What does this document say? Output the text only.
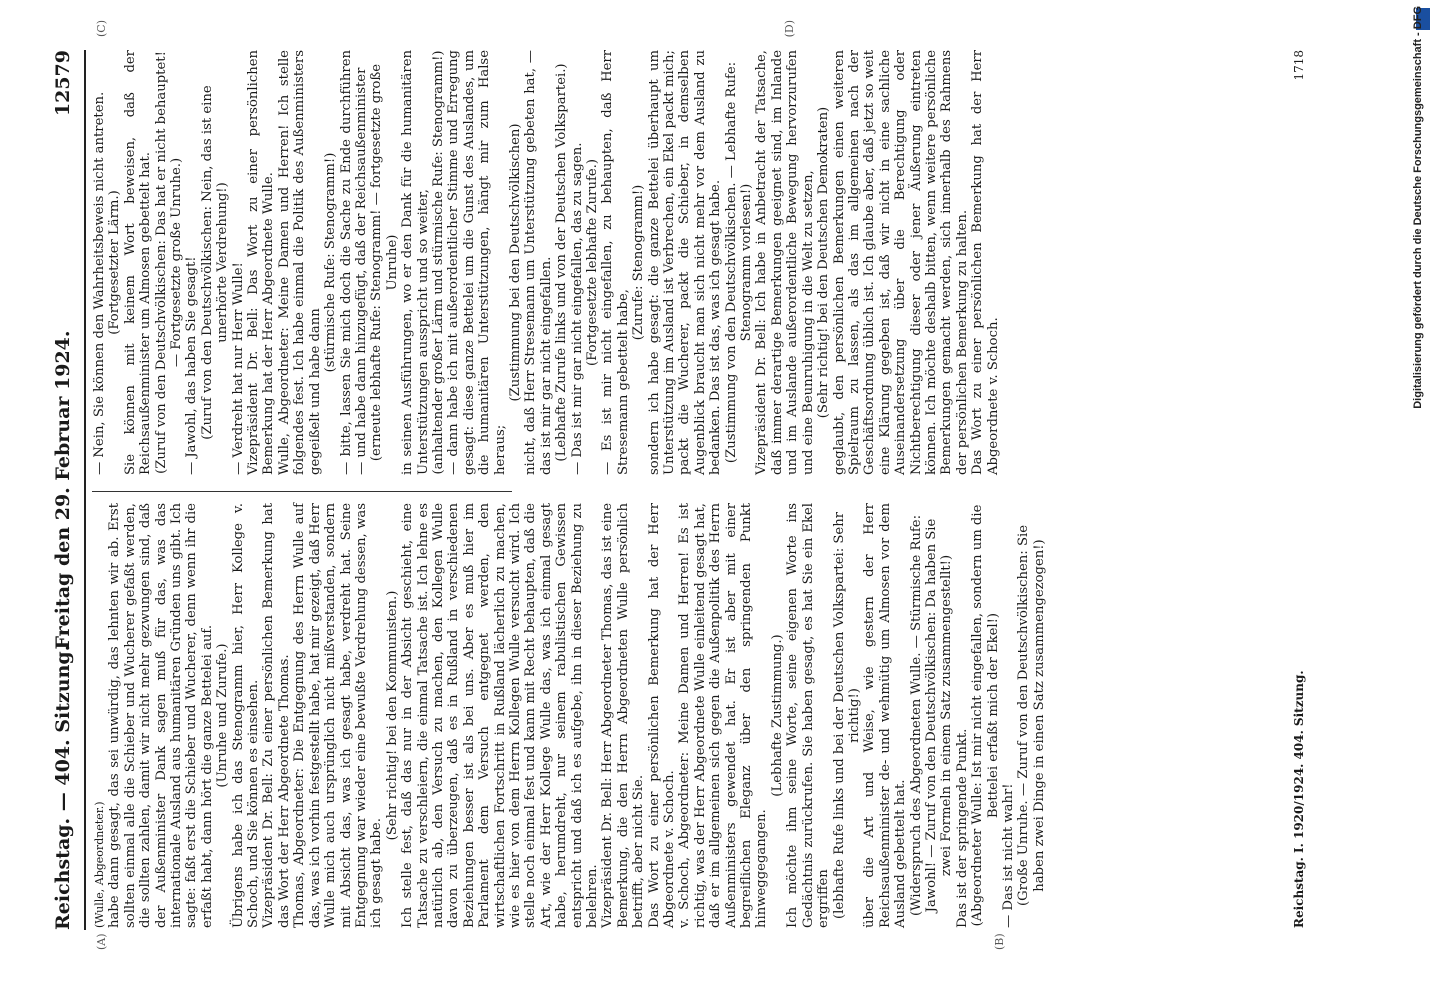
Reichstag. — 404. Sitzung.
Freitag den 29. Februar 1924.
12579
(A)	(B)

(Wulle, Abgeordneter.) habe dann gesagt, das sei unwürdig, das lehnten wir ab. Erst sollten einmal alle die Schieber und Wucherer gefaßt werden, die sollten zahlen, damit wir nicht mehr gezwungen sind, daß der Außenminister Dank sagen muß für das, was das internationale Ausland aus humanitären Gründen uns gibt. Ich sagte: faßt erst die Schieber und Wucherer, denn wenn ihr die erfaßt habt, dann hört die ganze Bettelei auf. (Unruhe und Zurufe.) Übrigens habe ich das Stenogramm hier, Herr Kollege v. Schoch, und Sie können es einsehen. Vizepräsident Dr. Bell: Zu einer persönlichen Bemerkung hat das Wort der Herr Abgeordnete Thomas. Thomas, Abgeordneter: Die Entgegnung des Herrn Wulle auf das, was ich vorhin festgestellt habe, hat mir gezeigt, daß Herr Wulle mich auch ursprünglich nicht mißverstanden, sondern mit Absicht das, was ich gesagt habe, verdreht hat. Seine Entgegnung war wieder eine bewußte Verdrehung dessen, was ich gesagt habe.

(Sehr richtig! bei den Kommunisten.) Ich stelle fest, daß das nur in der Absicht geschieht, eine Tatsache zu verschleiern, die einmal Tatsache ist. Ich lehne es natürlich ab, den Versuch zu machen, den Kollegen Wulle davon zu überzeugen, daß es in Rußland in verschiedenen Beziehungen besser ist als bei uns. Aber es muß hier im Parlament dem Versuch entgegnet werden, den wirtschaftlichen Fortschritt in Rußland lächerlich zu machen, wie es hier von dem Herrn Kollegen Wulle versucht wird. Ich stelle noch einmal fest und kann mit Recht behaupten, daß die Art, wie der Herr Kollege Wulle das, was ich einmal gesagt habe, herumdreht, nur seinem rabulistischen Gewissen entspricht und daß ich es aufgebe, ihn in dieser Beziehung zu belehren. Vizepräsident Dr. Bell: Herr Abgeordneter Thomas, das ist eine Bemerkung, die den Herrn Abgeordneten Wulle persönlich betrifft, aber nicht Sie. Das Wort zu einer persönlichen Bemerkung hat der Herr Abgeordnete v. Schoch. v. Schoch, Abgeordneter: Meine Damen und Herren! Es ist richtig, was der Herr Abgeordnete Wulle einleitend gesagt hat, daß er im allgemeinen sich gegen die Außenpolitik des Herrn Außenministers gewendet hat. Er ist aber mit einer begreiflichen Eleganz über den springenden Punkt hinweggegangen.

(Lebhafte Zustimmung.) Ich möchte ihm seine Worte, seine eigenen Worte ins Gedächtnis zurückrufen. Sie haben gesagt, es hat Sie ein Ekel ergriffen (lebhafte Rufe links und bei der Deutschen Volkspartei: Sehr richtig!) über die Art und Weise, wie gestern der Herr Reichsaußenminister de- und wehmütig um Almosen vor dem Ausland gebettelt hat. (Widerspruch des Abgeordneten Wulle. — Stürmische Rufe: Jawohl! — Zuruf von den Deutschvölkischen: Da haben Sie zwei Formeln in einem Satz zusammengestellt!) Das ist der springende Punkt. (Abgeordneter Wulle: Ist mir nicht eingefallen, sondern um die Bettelei erfaßt mich der Ekel!)

— Das ist nicht wahr! (Große Unruhe. — Zuruf von den Deutschvölkischen: Sie haben zwei Dinge in einen Satz zusammengezogen!)

(C)	(D)

— Nein, Sie können den Wahrheitsbeweis nicht antreten. (Fortgesetzter Lärm.) Sie können mit keinem Wort beweisen, daß der Reichsaußenminister um Almosen gebettelt hat. (Zuruf von den Deutschvölkischen: Das hat er nicht behauptet! — Fortgesetzte große Unruhe.) — Jawohl, das haben Sie gesagt! (Zuruf von den Deutschvölkischen: Nein, das ist eine unerhörte Verdrehung!) — Verdreht hat nur Herr Wulle! Vizepräsident Dr. Bell: Das Wort zu einer persönlichen Bemerkung hat der Herr Abgeordnete Wulle. Wulle, Abgeordneter: Meine Damen und Herren! Ich stelle folgendes fest. Ich habe einmal die Politik des Außenministers gegeißelt und habe dann

(stürmische Rufe: Stenogramm!) — bitte, lassen Sie mich doch die Sache zu Ende durchführen — und habe dann hinzugefügt, daß der Reichsaußenminister (erneute lebhafte Rufe: Stenogramm! — fortgesetzte große Unruhe) in seinen Ausführungen, wo er den Dank für die humanitären Unterstützungen ausspricht und so weiter, (anhaltender großer Lärm und stürmische Rufe: Stenogramm!) — dann habe ich mit außerordentlicher Stimme und Erregung gesagt: diese ganze Bettelei um die Gunst des Auslandes, um die humanitären Unterstützungen, hängt mir zum Halse heraus;

(Zustimmung bei den Deutschvölkischen) nicht, daß Herr Stresemann um Unterstützung gebeten hat, — das ist mir gar nicht eingefallen. (Lebhafte Zurufe links und von der Deutschen Volkspartei.) — Das ist mir gar nicht eingefallen, das zu sagen. (Fortgesetzte lebhafte Zurufe.) — Es ist mir nicht eingefallen, zu behaupten, daß Herr Stresemann gebettelt habe,

(Zurufe: Stenogramm!) sondern ich habe gesagt: die ganze Bettelei überhaupt um Unterstützung im Ausland ist Verbrechen, ein Ekel packt mich; packt die Wucherer, packt die Schieber, in demselben Augenblick braucht man sich nicht mehr vor dem Ausland zu bedanken. Das ist das, was ich gesagt habe. (Zustimmung von den Deutschvölkischen. — Lebhafte Rufe: Stenogramm vorlesen!) Vizepräsident Dr. Bell: Ich habe in Anbetracht der Tatsache, daß immer derartige Bemerkungen geeignet sind, im Inlande und im Auslande außerordentliche Bewegung hervorzurufen und eine Beunruhigung in die Welt zu setzen, (Sehr richtig! bei den Deutschen Demokraten) geglaubt, den persönlichen Bemerkungen einen weiteren Spielraum zu lassen, als das im allgemeinen nach der Geschäftsordnung üblich ist. Ich glaube aber, daß jetzt so weit eine Klärung gegeben ist, daß wir nicht in eine sachliche Auseinandersetzung über die Berechtigung oder Nichtberechtigung dieser oder jener Äußerung eintreten können. Ich möchte deshalb bitten, wenn weitere persönliche Bemerkungen gemacht werden, sich innerhalb des Rahmens der persönlichen Bemerkung zu halten. Das Wort zu einer persönlichen Bemerkung hat der Herr Abgeordnete v. Schoch.

Reichstag. I. 1920/1924. 404. Sitzung.
1718	Digitalisierung gefördert durch die Deutsche Forschungsgemeinschaft - DFG
